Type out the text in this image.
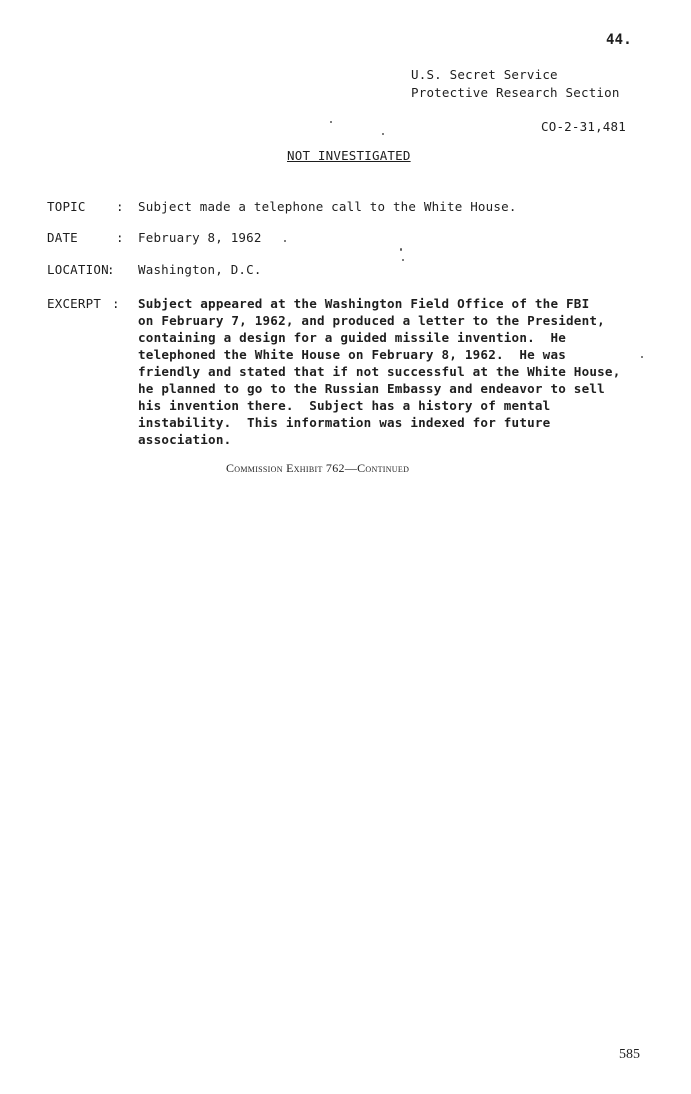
44.
U.S. Secret Service
Protective Research Section
CO-2-31,481
NOT INVESTIGATED
TOPIC : Subject made a telephone call to the White House.
DATE	: February 8, 1962
LOCATION
: Washington, D.C.
EXCERPT : Subject appeared at the Washington Field Office of the FBI
on February 7, 1962, and produced a letter to the President,
containing a design for a guided missile invention.  He
telephoned the White House on February 8, 1962.  He was
friendly and stated that if not successful at the White House,
he planned to go to the Russian Embassy and endeavor to sell
his invention there.  Subject has a history of mental
instability.  This information was indexed for future
association.
Commission Exhibit 762—Continued
585
